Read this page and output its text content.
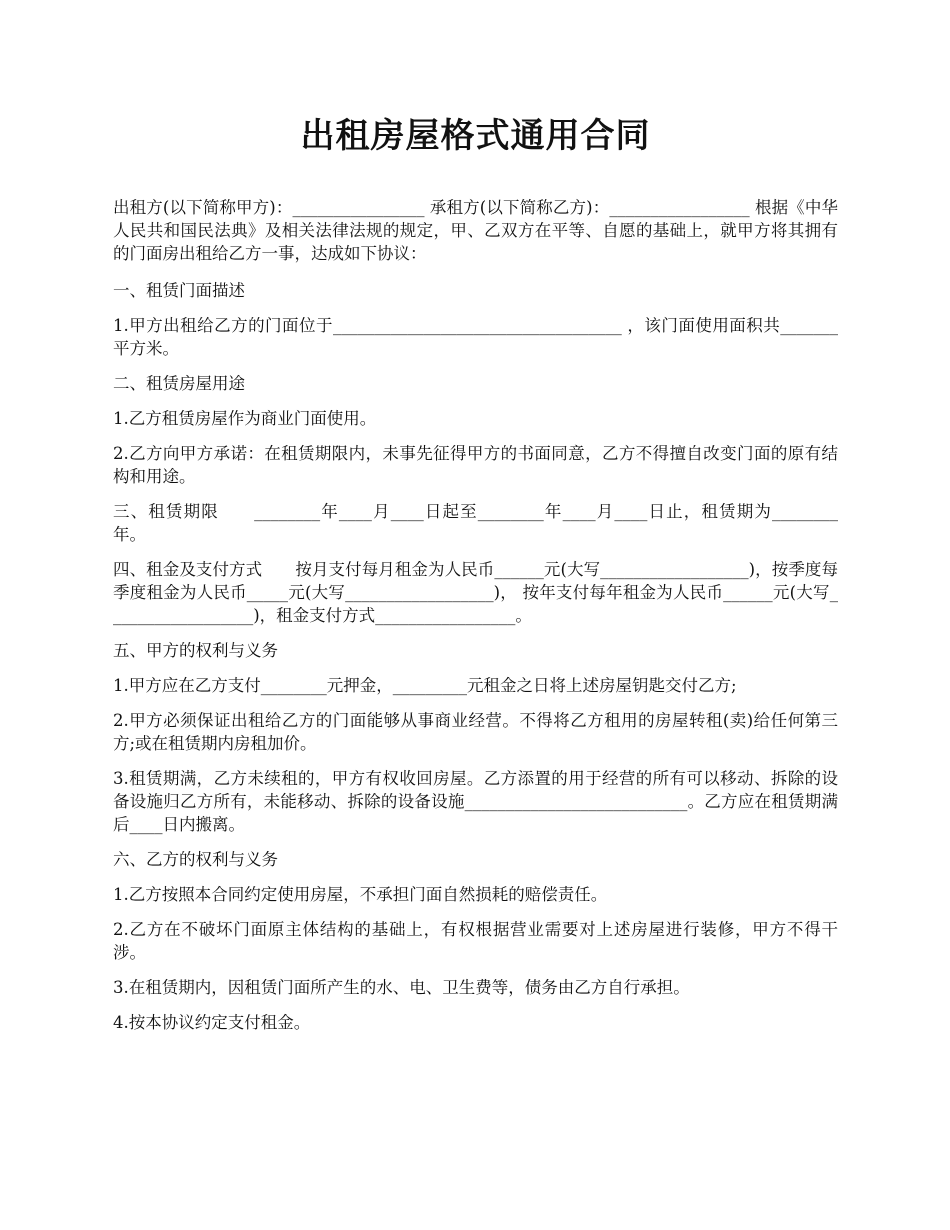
出租房屋格式通用合同

出租方(以下简称甲方)：________________ 承租方(以下简称乙方)：_________________ 根据《中华人民共和国民法典》及相关法律法规的规定，甲、乙双方在平等、自愿的基础上，就甲方将其拥有的门面房出租给乙方一事，达成如下协议：

一、租赁门面描述

1.甲方出租给乙方的门面位于___________________________________ ，该门面使用面积共_______平方米。

二、租赁房屋用途

1.乙方租赁房屋作为商业门面使用。

2.乙方向甲方承诺：在租赁期限内，未事先征得甲方的书面同意，乙方不得擅自改变门面的原有结构和用途。

三、租赁期限　　________年____月____日起至________年____月____日止，租赁期为________年。

四、租金及支付方式　　按月支付每月租金为人民币______元(大写__________________)，按季度每季度租金为人民币_____元(大写__________________)， 按年支付每年租金为人民币______元(大写__________________)，租金支付方式_________________。

五、甲方的权利与义务

1.甲方应在乙方支付________元押金，_________元租金之日将上述房屋钥匙交付乙方;

2.甲方必须保证出租给乙方的门面能够从事商业经营。不得将乙方租用的房屋转租(卖)给任何第三方;或在租赁期内房租加价。

3.租赁期满，乙方未续租的，甲方有权收回房屋。乙方添置的用于经营的所有可以移动、拆除的设备设施归乙方所有，未能移动、拆除的设备设施___________________________。乙方应在租赁期满后____日内搬离。

六、乙方的权利与义务

1.乙方按照本合同约定使用房屋，不承担门面自然损耗的赔偿责任。

2.乙方在不破坏门面原主体结构的基础上，有权根据营业需要对上述房屋进行装修，甲方不得干涉。

3.在租赁期内，因租赁门面所产生的水、电、卫生费等，债务由乙方自行承担。

4.按本协议约定支付租金。
